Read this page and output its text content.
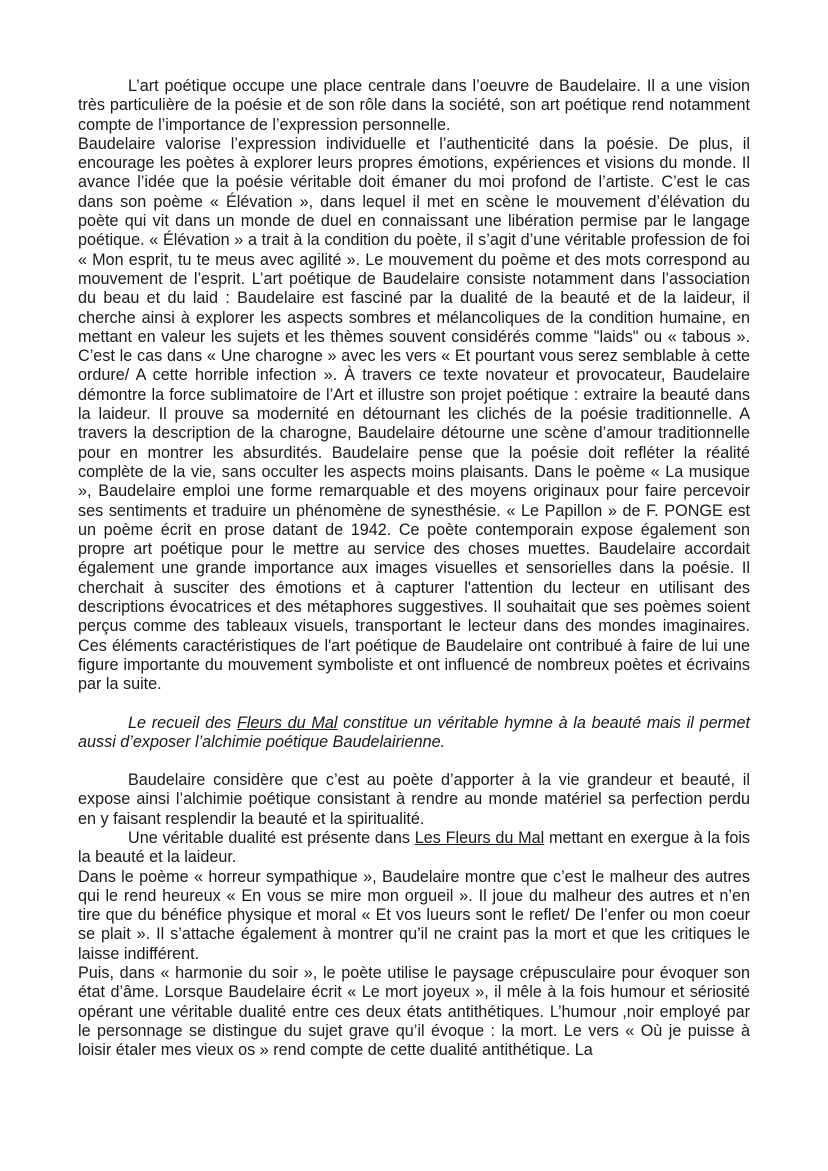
L’art poétique occupe une place centrale dans l’oeuvre de Baudelaire. Il a une vision très particulière de la poésie et de son rôle dans la société, son art poétique rend notamment compte de l’importance de l’expression personnelle.

Baudelaire valorise l’expression individuelle et l’authenticité dans la poésie. De plus, il encourage les poètes à explorer leurs propres émotions, expériences et visions du monde. Il avance l’idée que la poésie véritable doit émaner du moi profond de l’artiste. C’est le cas dans son poème « Élévation », dans lequel il met en scène le mouvement d’élévation du poète qui vit dans un monde de duel en connaissant une libération permise par le langage poétique. « Élévation » a trait à la condition du poète, il s’agit d’une véritable profession de foi « Mon esprit, tu te meus avec agilité ». Le mouvement du poème et des mots correspond au mouvement de l’esprit. L’art poétique de Baudelaire consiste notamment dans l’association du beau et du laid : Baudelaire est fasciné par la dualité de la beauté et de la laideur, il cherche ainsi à explorer les aspects sombres et mélancoliques de la condition humaine, en mettant en valeur les sujets et les thèmes souvent considérés comme "laids" ou « tabous ». C’est le cas dans « Une charogne » avec les vers « Et pourtant vous serez semblable à cette ordure/ A cette horrible infection ». À travers ce texte novateur et provocateur, Baudelaire démontre la force sublimatoire de l’Art et illustre son projet poétique : extraire la beauté dans la laideur. Il prouve sa modernité en détournant les clichés de la poésie traditionnelle. A travers la description de la charogne, Baudelaire détourne une scène d’amour traditionnelle pour en montrer les absurdités. Baudelaire pense que la poésie doit refléter la réalité complète de la vie, sans occulter les aspects moins plaisants. Dans le poème « La musique », Baudelaire emploi une forme remarquable et des moyens originaux pour faire percevoir ses sentiments et traduire un phénomène de synesthésie. « Le Papillon » de F. PONGE est un poème écrit en prose datant de 1942. Ce poète contemporain expose également son propre art poétique pour le mettre au service des choses muettes. Baudelaire accordait également une grande importance aux images visuelles et sensorielles dans la poésie. Il cherchait à susciter des émotions et à capturer l'attention du lecteur en utilisant des descriptions évocatrices et des métaphores suggestives. Il souhaitait que ses poèmes soient perçus comme des tableaux visuels, transportant le lecteur dans des mondes imaginaires. Ces éléments caractéristiques de l'art poétique de Baudelaire ont contribué à faire de lui une figure importante du mouvement symboliste et ont influencé de nombreux poètes et écrivains par la suite.

Le recueil des Fleurs du Mal constitue un véritable hymne à la beauté mais il permet aussi d’exposer l’alchimie poétique Baudelairienne.

Baudelaire considère que c’est au poète d’apporter à la vie grandeur et beauté, il expose ainsi l’alchimie poétique consistant à rendre au monde matériel sa perfection perdu en y faisant resplendir la beauté et la spiritualité.

Une véritable dualité est présente dans Les Fleurs du Mal mettant en exergue à la fois la beauté et la laideur.

Dans le poème « horreur sympathique », Baudelaire montre que c’est le malheur des autres qui le rend heureux « En vous se mire mon orgueil ». Il joue du malheur des autres et n’en tire que du bénéfice physique et moral « Et vos lueurs sont le reflet/ De l’enfer ou mon coeur se plait ». Il s’attache également à montrer qu’il ne craint pas la mort et que les critiques le laisse indifférent.

Puis, dans « harmonie du soir », le poète utilise le paysage crépusculaire pour évoquer son état d’âme. Lorsque Baudelaire écrit « Le mort joyeux », il mêle à la fois humour et sériosité opérant une véritable dualité entre ces deux états antithétiques. L’humour ,noir employé par le personnage se distingue du sujet grave qu’il évoque : la mort. Le vers « Où je puisse à loisir étaler mes vieux os » rend compte de cette dualité antithétique. La
